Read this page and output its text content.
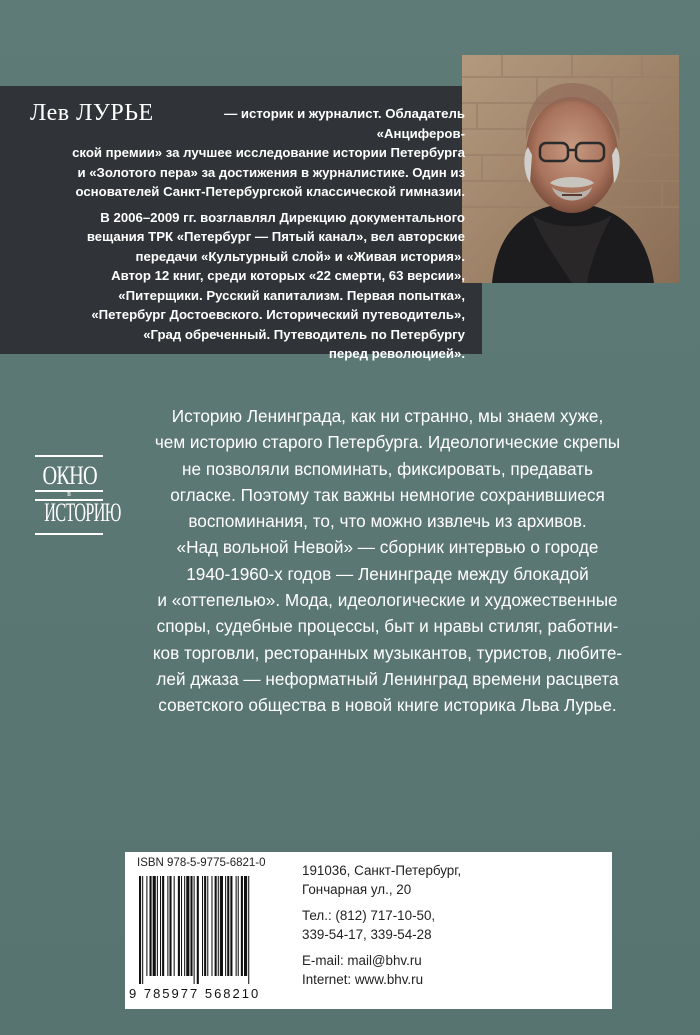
Лев ЛУРЬЕ	— историк и журналист. Обладатель «Анциферов-
ской премии» за лучшее исследование истории Петербурга
и «Золотого пера» за достижения в журналистике. Один из
основателей Санкт-Петербургской классической гимназии.

В 2006–2009 гг. возглавлял Дирекцию документального
вещания ТРК «Петербург — Пятый канал», вел авторские
передачи «Культурный слой» и «Живая история».
Автор 12 книг, среди которых «22 смерти, 63 версии»,
«Питерщики. Русский капитализм. Первая попытка»,
«Петербург Достоевского. Исторический путеводитель»,
«Град обреченный. Путеводитель по Петербургу
перед революцией».

ОКНО
в
ИСТОРИЮ

Историю Ленинграда, как ни странно, мы знаем хуже,

чем историю старого Петербурга. Идеологические скрепы

не позволяли вспоминать, фиксировать, предавать

огласке. Поэтому так важны немногие сохранившиеся

воспоминания, то, что можно извлечь из архивов.

«Над вольной Невой» — сборник интервью о городе

1940-1960-х годов — Ленинграде между блокадой

и «оттепелью». Мода, идеологические и художественные

споры, судебные процессы, быт и нравы стиляг, работни-

ков торговли, ресторанных музыкантов, туристов, любите-

лей джаза — неформатный Ленинград времени расцвета

советского общества в новой книге историка Льва Лурье.

ISBN 978-5-9775-6821-0
9 785977 568210

191036, Санкт-Петербург,

Гончарная ул., 20

Тел.: (812) 717-10-50,

339-54-17, 339-54-28

E-mail: mail@bhv.ru

Internet: www.bhv.ru	bhv ®
